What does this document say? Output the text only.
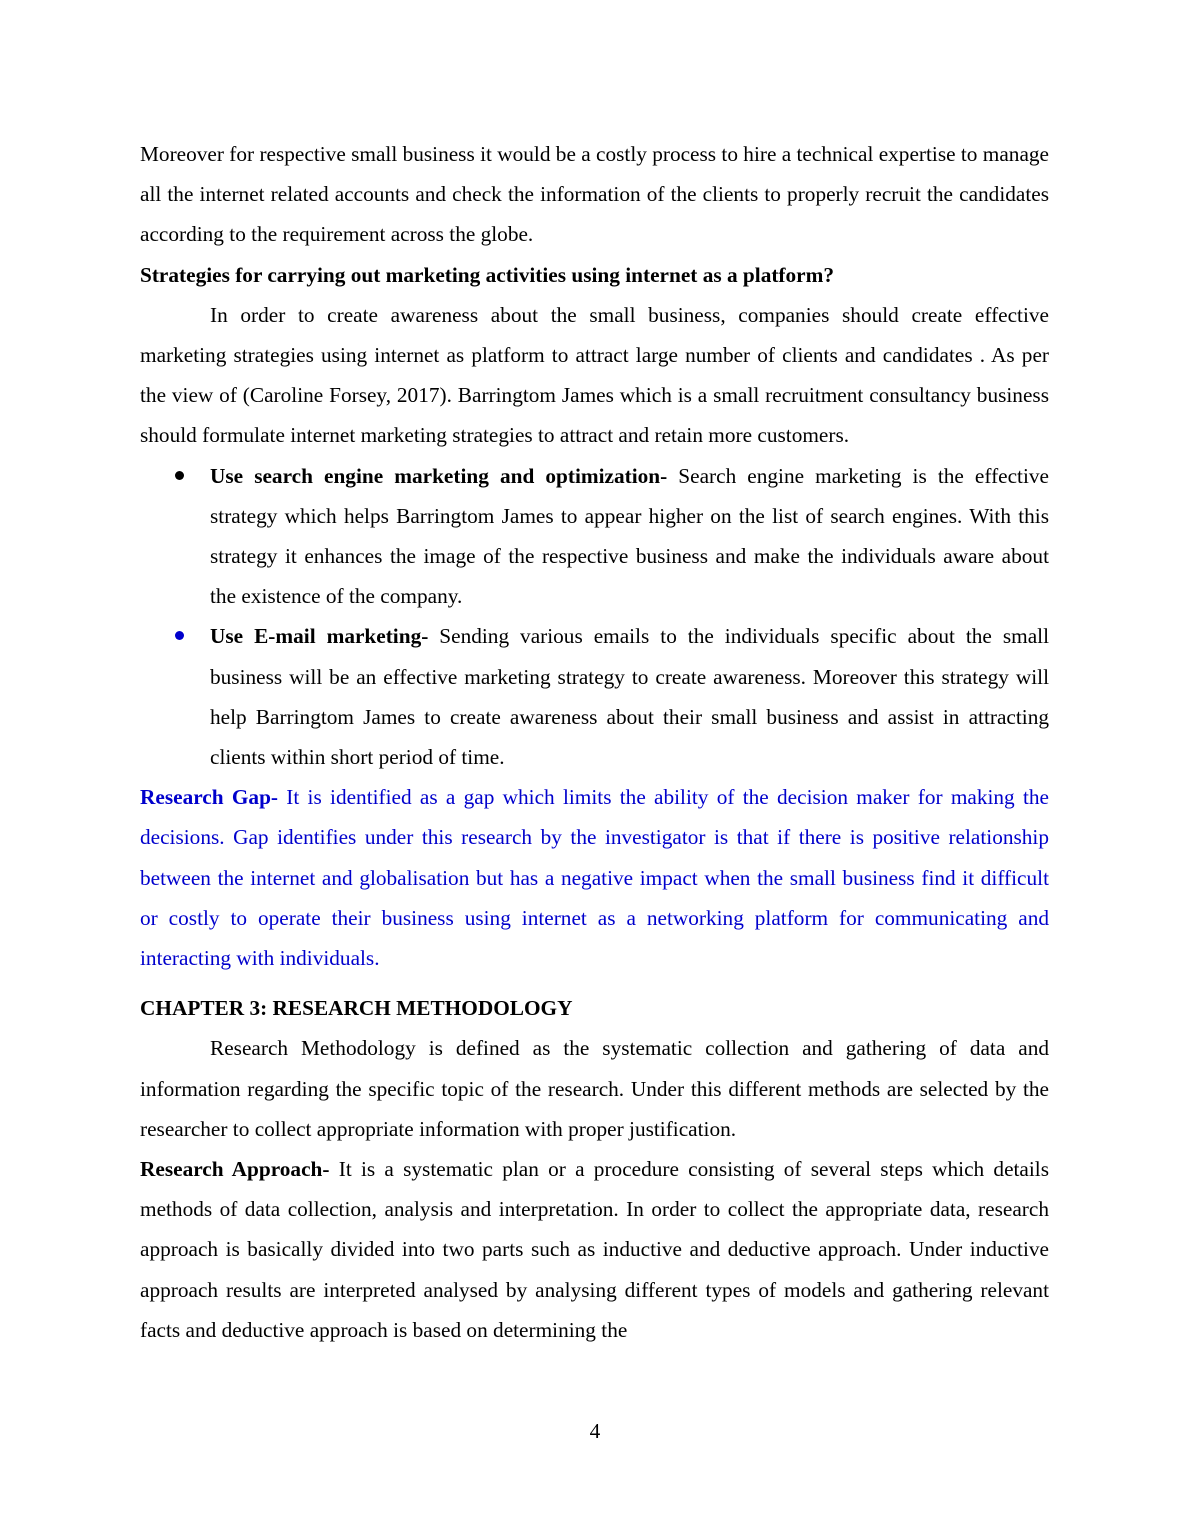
Moreover for respective small business it would be a costly process to hire a technical expertise to manage all the internet related accounts and check the information of the clients to properly recruit the candidates according to the requirement across the globe.

Strategies for carrying out marketing activities using internet as a platform?

In order to create awareness about the small business, companies should create effective marketing strategies using internet as platform to attract large number of clients and candidates . As per the view of (Caroline Forsey, 2017). Barringtom James which is a small recruitment consultancy business should formulate internet marketing strategies to attract and retain more customers.

Use search engine marketing and optimization- Search engine marketing is the effective strategy which helps Barringtom James to appear higher on the list of search engines. With this strategy it enhances the image of the respective business and make the individuals aware about the existence of the company.
Use E-mail marketing- Sending various emails to the individuals specific about the small business will be an effective marketing strategy to create awareness. Moreover this strategy will help Barringtom James to create awareness about their small business and assist in attracting clients within short period of time.

Research Gap- It is identified as a gap which limits the ability of the decision maker for making the decisions. Gap identifies under this research by the investigator is that if there is positive relationship between the internet and globalisation but has a negative impact when the small business find it difficult or costly to operate their business using internet as a networking platform for communicating and interacting with individuals.

CHAPTER 3: RESEARCH METHODOLOGY

Research Methodology is defined as the systematic collection and gathering of data and information regarding the specific topic of the research. Under this different methods are selected by the researcher to collect appropriate information with proper justification.

Research Approach- It is a systematic plan or a procedure consisting of several steps which details methods of data collection, analysis and interpretation. In order to collect the appropriate data, research approach is basically divided into two parts such as inductive and deductive approach. Under inductive approach results are interpreted analysed by analysing different types of models and gathering relevant facts and deductive approach is based on determining the

4
